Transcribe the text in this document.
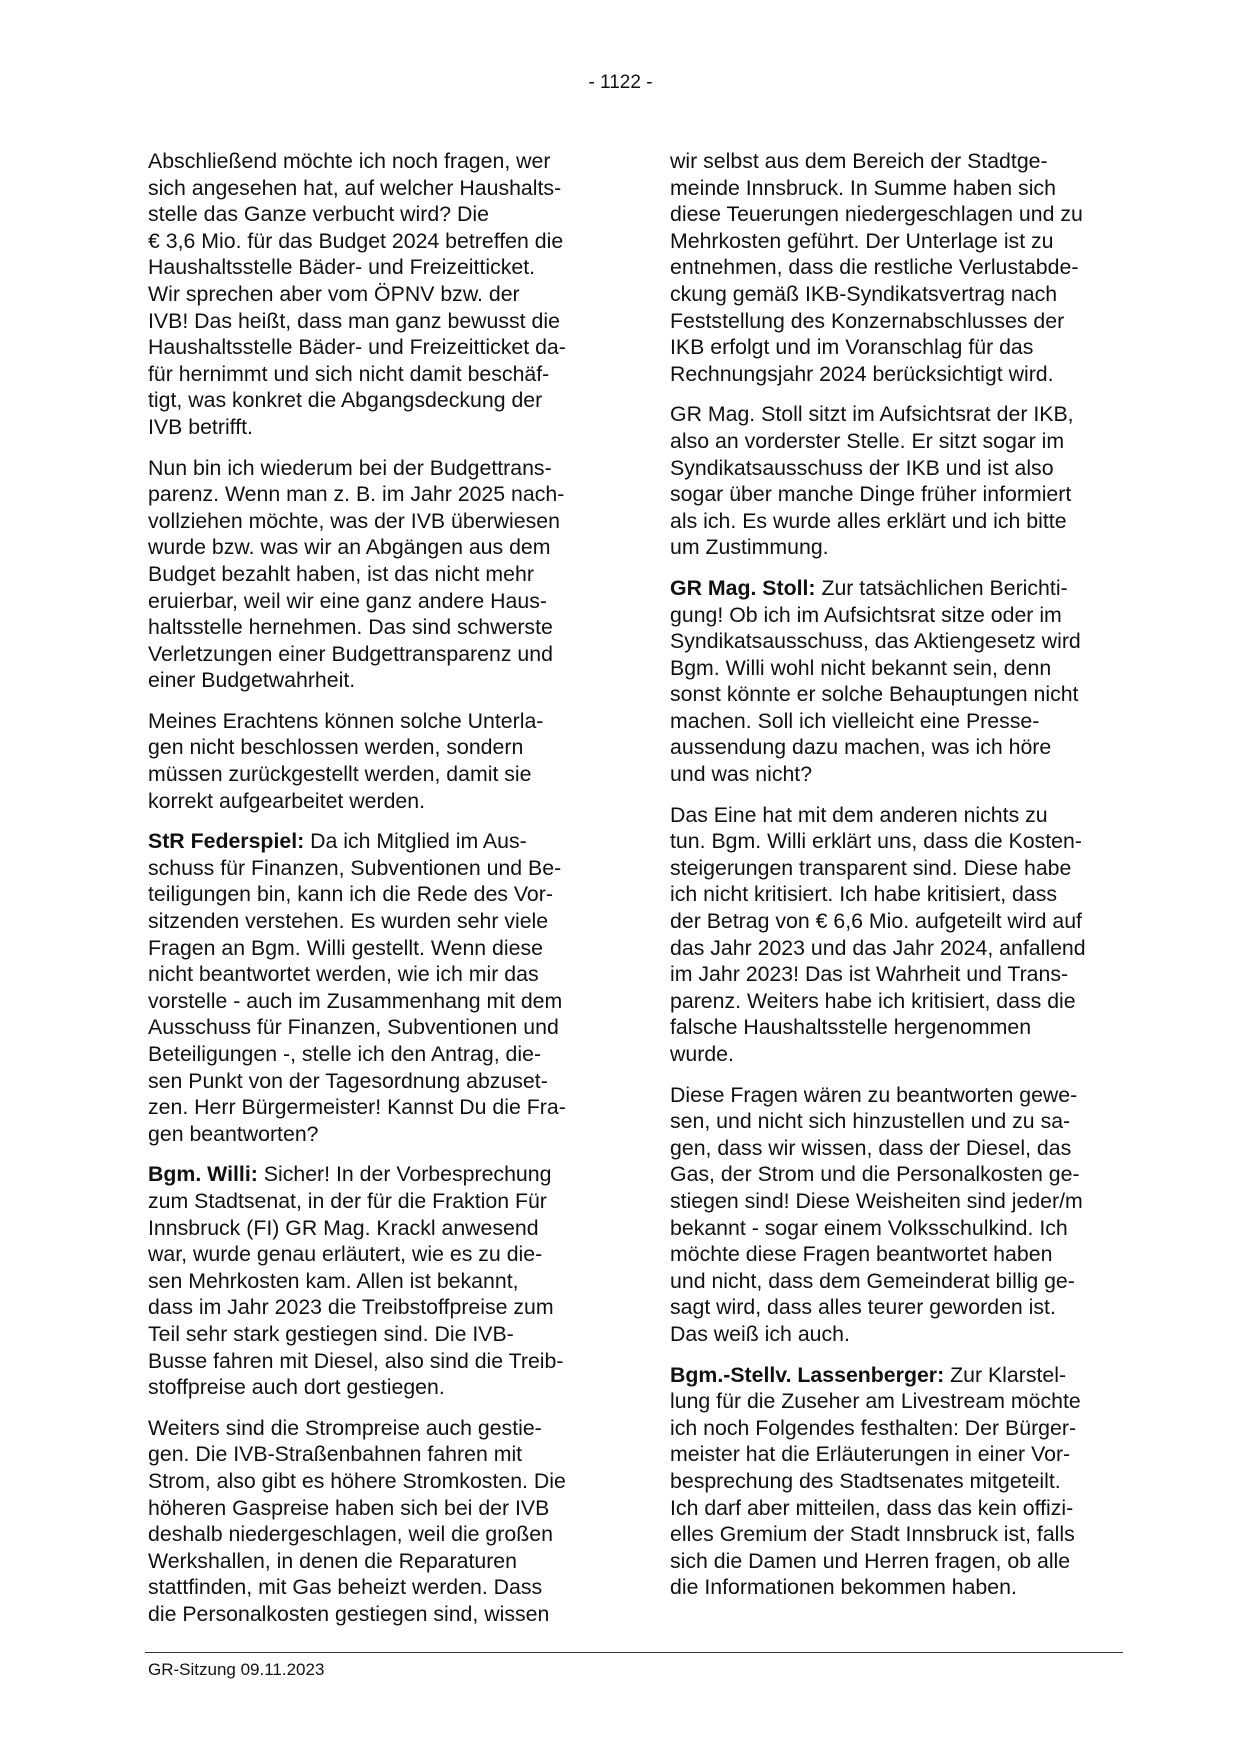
- 1122 -

Abschließend möchte ich noch fragen, wer
sich angesehen hat, auf welcher Haushalts-
stelle das Ganze verbucht wird? Die
€ 3,6 Mio. für das Budget 2024 betreffen die
Haushaltsstelle Bäder- und Freizeitticket.
Wir sprechen aber vom ÖPNV bzw. der
IVB! Das heißt, dass man ganz bewusst die
Haushaltsstelle Bäder- und Freizeitticket da-
für hernimmt und sich nicht damit beschäf-
tigt, was konkret die Abgangsdeckung der
IVB betrifft.

Nun bin ich wiederum bei der Budgettrans-
parenz. Wenn man z. B. im Jahr 2025 nach-
vollziehen möchte, was der IVB überwiesen
wurde bzw. was wir an Abgängen aus dem
Budget bezahlt haben, ist das nicht mehr
eruierbar, weil wir eine ganz andere Haus-
haltsstelle hernehmen. Das sind schwerste
Verletzungen einer Budgettransparenz und
einer Budgetwahrheit.

Meines Erachtens können solche Unterla-
gen nicht beschlossen werden, sondern
müssen zurückgestellt werden, damit sie
korrekt aufgearbeitet werden.

StR Federspiel: Da ich Mitglied im Aus-
schuss für Finanzen, Subventionen und Be-
teiligungen bin, kann ich die Rede des Vor-
sitzenden verstehen. Es wurden sehr viele
Fragen an Bgm. Willi gestellt. Wenn diese
nicht beantwortet werden, wie ich mir das
vorstelle - auch im Zusammenhang mit dem
Ausschuss für Finanzen, Subventionen und
Beteiligungen -, stelle ich den Antrag, die-
sen Punkt von der Tagesordnung abzuset-
zen. Herr Bürgermeister! Kannst Du die Fra-
gen beantworten?

Bgm. Willi: Sicher! In der Vorbesprechung
zum Stadtsenat, in der für die Fraktion Für
Innsbruck (FI) GR Mag. Krackl anwesend
war, wurde genau erläutert, wie es zu die-
sen Mehrkosten kam. Allen ist bekannt,
dass im Jahr 2023 die Treibstoffpreise zum
Teil sehr stark gestiegen sind. Die IVB-
Busse fahren mit Diesel, also sind die Treib-
stoffpreise auch dort gestiegen.

Weiters sind die Strompreise auch gestie-
gen. Die IVB-Straßenbahnen fahren mit
Strom, also gibt es höhere Stromkosten. Die
höheren Gaspreise haben sich bei der IVB
deshalb niedergeschlagen, weil die großen
Werkshallen, in denen die Reparaturen
stattfinden, mit Gas beheizt werden. Dass
die Personalkosten gestiegen sind, wissen

wir selbst aus dem Bereich der Stadtge-
meinde Innsbruck. In Summe haben sich
diese Teuerungen niedergeschlagen und zu
Mehrkosten geführt. Der Unterlage ist zu
entnehmen, dass die restliche Verlustabde-
ckung gemäß IKB-Syndikatsvertrag nach
Feststellung des Konzernabschlusses der
IKB erfolgt und im Voranschlag für das
Rechnungsjahr 2024 berücksichtigt wird.

GR Mag. Stoll sitzt im Aufsichtsrat der IKB,
also an vorderster Stelle. Er sitzt sogar im
Syndikatsausschuss der IKB und ist also
sogar über manche Dinge früher informiert
als ich. Es wurde alles erklärt und ich bitte
um Zustimmung.

GR Mag. Stoll: Zur tatsächlichen Berichti-
gung! Ob ich im Aufsichtsrat sitze oder im
Syndikatsausschuss, das Aktiengesetz wird
Bgm. Willi wohl nicht bekannt sein, denn
sonst könnte er solche Behauptungen nicht
machen. Soll ich vielleicht eine Presse-
aussendung dazu machen, was ich höre
und was nicht?

Das Eine hat mit dem anderen nichts zu
tun. Bgm. Willi erklärt uns, dass die Kosten-
steigerungen transparent sind. Diese habe
ich nicht kritisiert. Ich habe kritisiert, dass
der Betrag von € 6,6 Mio. aufgeteilt wird auf
das Jahr 2023 und das Jahr 2024, anfallend
im Jahr 2023! Das ist Wahrheit und Trans-
parenz. Weiters habe ich kritisiert, dass die
falsche Haushaltsstelle hergenommen
wurde.

Diese Fragen wären zu beantworten gewe-
sen, und nicht sich hinzustellen und zu sa-
gen, dass wir wissen, dass der Diesel, das
Gas, der Strom und die Personalkosten ge-
stiegen sind! Diese Weisheiten sind jeder/m
bekannt - sogar einem Volksschulkind. Ich
möchte diese Fragen beantwortet haben
und nicht, dass dem Gemeinderat billig ge-
sagt wird, dass alles teurer geworden ist.
Das weiß ich auch.

Bgm.-Stellv. Lassenberger: Zur Klarstel-
lung für die Zuseher am Livestream möchte
ich noch Folgendes festhalten: Der Bürger-
meister hat die Erläuterungen in einer Vor-
besprechung des Stadtsenates mitgeteilt.
Ich darf aber mitteilen, dass das kein offizi-
elles Gremium der Stadt Innsbruck ist, falls
sich die Damen und Herren fragen, ob alle
die Informationen bekommen haben.

GR-Sitzung 09.11.2023
